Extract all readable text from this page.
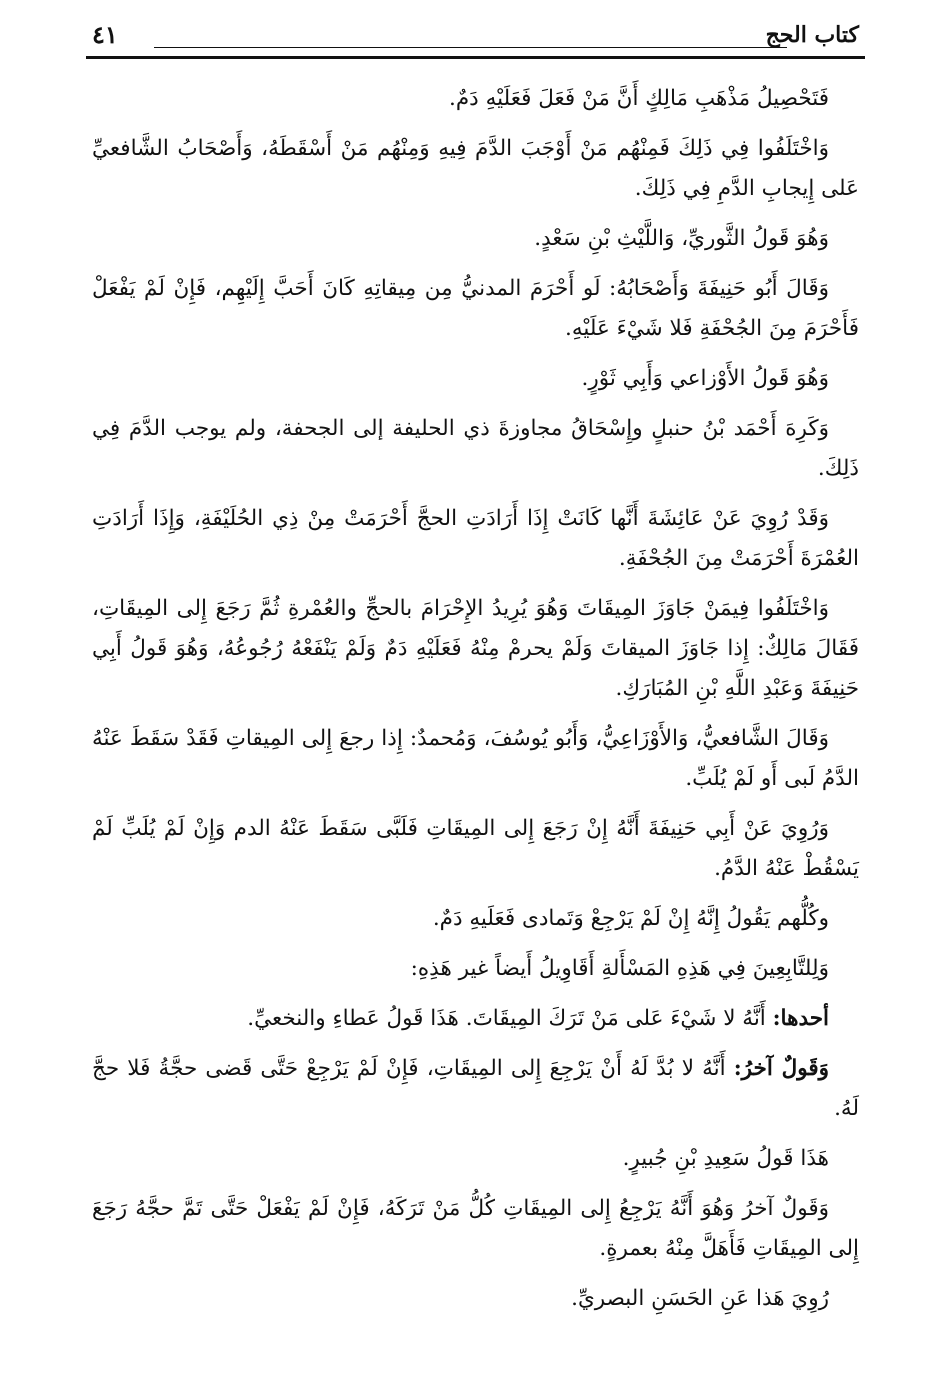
كتاب الحج
٤١

فَتَحْصِيلُ مَذْهَبِ مَالِكٍ أَنَّ مَنْ فَعَلَ فَعَلَيْهِ دَمٌ.

وَاخْتَلَفُوا فِي ذَلِكَ فَمِنْهُم مَنْ أَوْجَبَ الدَّمَ فِيهِ وَمِنْهُم مَنْ أَسْقَطَهُ، وَأَصْحَابُ الشَّافعيِّ عَلى إِيجابِ الدَّمِ فِي ذَلِكَ.

وَهُوَ قَولُ الثَّوريِّ، وَاللَّيْثِ بْنِ سَعْدٍ.

وَقَالَ أَبُو حَنِيفَةَ وَأَصْحَابُهُ: لَو أَحْرَمَ المدنيُّ مِن مِيقاتِهِ كَانَ أَحَبَّ إِلَيْهِم، فَإِنْ لَمْ يَفْعَلْ فَأَحْرَمَ مِنَ الجُحْفَةِ فَلا شَيْءَ عَلَيْهِ.

وَهُوَ قَولُ الأَوْزاعي وَأَبِي ثَوْرٍ.

وَكَرِهَ أَحْمَد بْنُ حنبلٍ وإِسْحَاقُ مجاوزةَ ذي الحليفة إلى الجحفة، ولم يوجب الدَّمَ فِي ذَلِكَ.

وَقَدْ رُوِيَ عَنْ عَائِشَةَ أَنَّها كَانَتْ إِذَا أَرَادَتِ الحجَّ أَحْرَمَتْ مِنْ ذِي الحُلَيْفَةِ، وَإِذَا أَرَادَتِ العُمْرَةَ أَحْرَمَتْ مِنَ الجُحْفَةِ.

وَاخْتَلَفُوا فِيمَنْ جَاوَزَ المِيقَاتَ وَهُوَ يُرِيدُ الإِحْرَامَ بالحجِّ والعُمْرةِ ثُمَّ رَجَعَ إِلى المِيقَاتِ، فَقَالَ مَالِكٌ: إِذا جَاوَزَ الميقاتَ وَلَمْ يحرمْ مِنْهُ فَعَلَيْهِ دَمٌ وَلَمْ يَنْفَعْهُ رُجُوعُهُ، وَهُوَ قَولُ أَبِي حَنِيفَةَ وَعَبْدِ اللَّهِ بْنِ المُبَارَكِ.

وَقَالَ الشَّافعيُّ، وَالأَوْزَاعِيُّ، وَأَبُو يُوسُفَ، وَمُحمدٌ: إِذا رجعَ إِلى المِيقاتِ فَقَدْ سَقَطَ عَنْهُ الدَّمُ لَبى أَو لَمْ يُلَبِّ.

وَرُوِيَ عَنْ أَبِي حَنِيفَةَ أَنَّهُ إِنْ رَجَعَ إِلى المِيقَاتِ فَلَبَّى سَقَطَ عَنْهُ الدم وَإِنْ لَمْ يُلَبِّ لَمْ يَسْقُطْ عَنْهُ الدَّمُ.

وكُلُّهم يَقُولُ إِنَّهُ إِنْ لَمْ يَرْجِعْ وَتَمادى فَعَلَيهِ دَمٌ.

وَلِلتَّابِعِينَ فِي هَذِهِ المَسْأَلةِ أَقَاوِيلُ أَيضاً غير هَذِهِ:

أحدها: أَنَّهُ لا شَيْءَ عَلى مَنْ تَرَكَ المِيقَاتَ. هَذَا قَولُ عَطاءِ والنخعيِّ.

وَقَولٌ آخرُ: أَنَّهُ لا بُدَّ لَهُ أَنْ يَرْجِعَ إِلى المِيقَاتِ، فَإِنْ لَمْ يَرْجِعْ حَتَّى قَضى حجَّةُ فَلا حجَّ لَهُ.

هَذَا قَولُ سَعِيدِ بْنِ جُبيرٍ.

وَقَولٌ آخرُ وَهُوَ أَنَّهُ يَرْجِعُ إِلى المِيقَاتِ كُلُّ مَنْ تَرَكَهُ، فَإِنْ لَمْ يَفْعَلْ حَتَّى تَمَّ حجَّهُ رَجَعَ إِلى المِيقَاتِ فَأَهَلَّ مِنْهُ بعمرةٍ.

رُوِيَ هَذا عَنِ الحَسَنِ البصريِّ.
